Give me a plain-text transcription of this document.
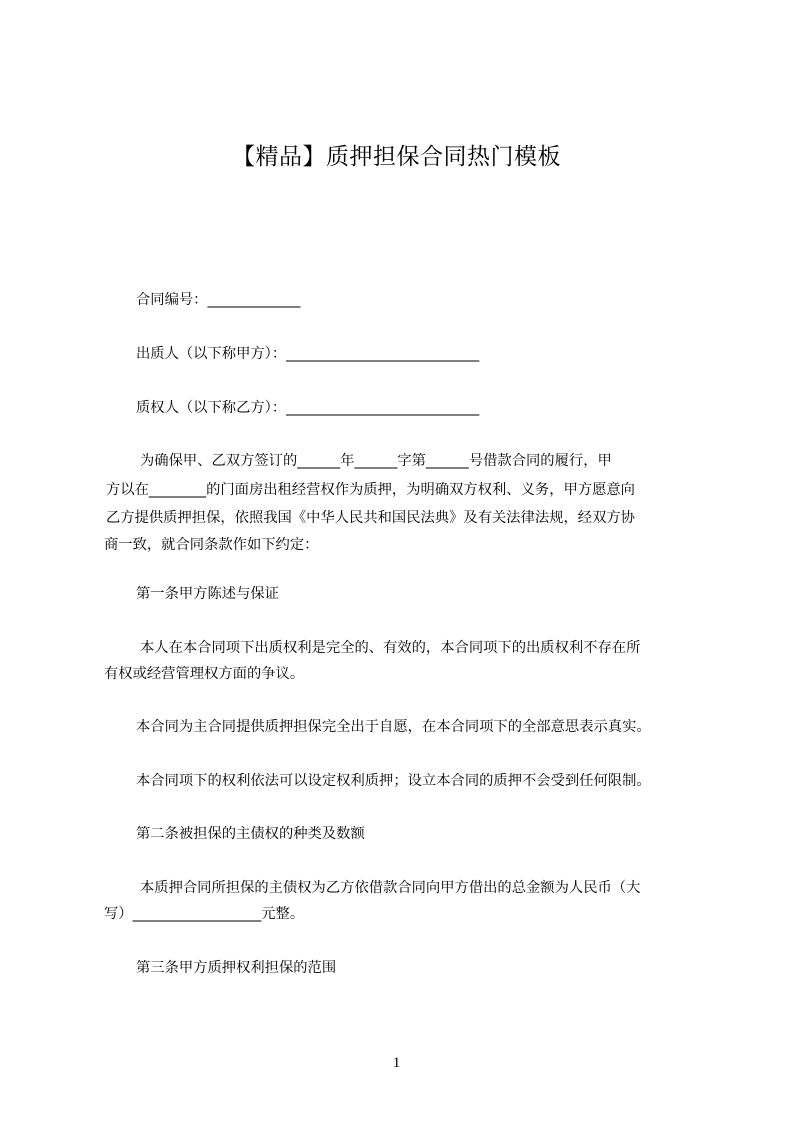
【精品】质押担保合同热门模板
合同编号：_____________
出质人（以下称甲方）：___________________________
质权人（以下称乙方）：___________________________
为确保甲、乙双方签订的______年______字第______号借款合同的履行，甲
方以在________的门面房出租经营权作为质押，为明确双方权利、义务，甲方愿意向
乙方提供质押担保，依照我国《中华人民共和国民法典》及有关法律法规，经双方协
商一致，就合同条款作如下约定：
第一条甲方陈述与保证
本人在本合同项下出质权利是完全的、有效的，本合同项下的出质权利不存在所
有权或经营管理权方面的争议。
本合同为主合同提供质押担保完全出于自愿，在本合同项下的全部意思表示真实。
本合同项下的权利依法可以设定权利质押；设立本合同的质押不会受到任何限制。
第二条被担保的主债权的种类及数额
本质押合同所担保的主债权为乙方依借款合同向甲方借出的总金额为人民币（大
写）__________________元整。
第三条甲方质押权利担保的范围
1
